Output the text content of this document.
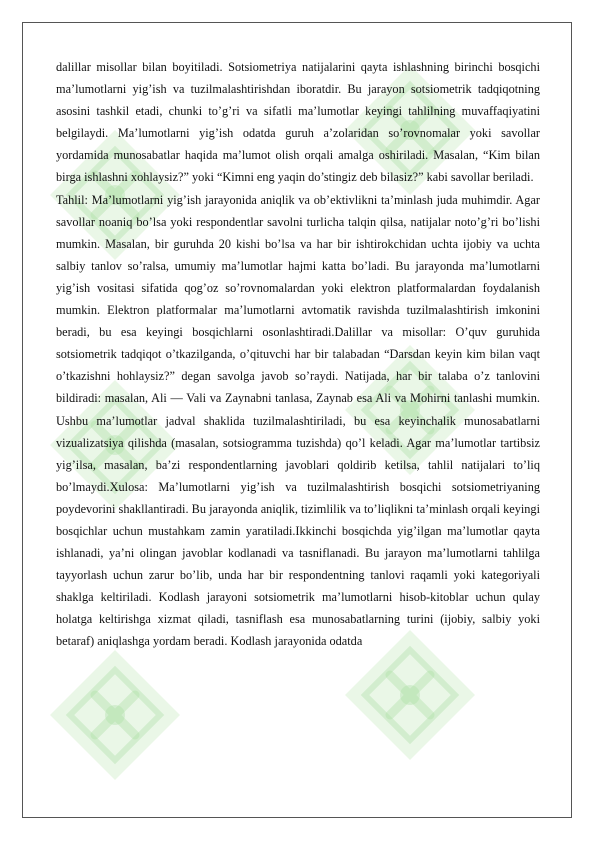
dalillar misollar bilan boyitiladi. Sotsiometriya natijalarini qayta ishlashning birinchi bosqichi ma’lumotlarni yig’ish va tuzilmalashtirishdan iboratdir. Bu jarayon sotsiometrik tadqiqotning asosini tashkil etadi, chunki to’g’ri va sifatli ma’lumotlar keyingi tahlilning muvaffaqiyatini belgilaydi. Ma’lumotlarni yig’ish odatda guruh a’zolaridan so’rovnomalar yoki savollar yordamida munosabatlar haqida ma’lumot olish orqali amalga oshiriladi. Masalan, “Kim bilan birga ishlashni xohlaysiz?” yoki “Kimni eng yaqin do’stingiz deb bilasiz?” kabi savollar beriladi.

Tahlil: Ma’lumotlarni yig’ish jarayonida aniqlik va ob’ektivlikni ta’minlash juda muhimdir. Agar savollar noaniq bo’lsa yoki respondentlar savolni turlicha talqin qilsa, natijalar noto’g’ri bo’lishi mumkin. Masalan, bir guruhda 20 kishi bo’lsa va har bir ishtirokchidan uchta ijobiy va uchta salbiy tanlov so’ralsa, umumiy ma’lumotlar hajmi katta bo’ladi. Bu jarayonda ma’lumotlarni yig’ish vositasi sifatida qog’oz so’rovnomalardan yoki elektron platformalardan foydalanish mumkin. Elektron platformalar ma’lumotlarni avtomatik ravishda tuzilmalashtirish imkonini beradi, bu esa keyingi bosqichlarni osonlashtiradi.Dalillar va misollar: O’quv guruhida sotsiometrik tadqiqot o’tkazilganda, o’qituvchi har bir talabadan “Darsdan keyin kim bilan vaqt o’tkazishni hohlaysiz?” degan savolga javob so’raydi. Natijada, har bir talaba o’z tanlovini bildiradi: masalan, Ali — Vali va Zaynabni tanlasa, Zaynab esa Ali va Mohirni tanlashi mumkin. Ushbu ma’lumotlar jadval shaklida tuzilmalashtiriladi, bu esa keyinchalik munosabatlarni vizualizatsiya qilishda (masalan, sotsiogramma tuzishda) qo’l keladi. Agar ma’lumotlar tartibsiz yig’ilsa, masalan, ba’zi respondentlarning javoblari qoldirib ketilsa, tahlil natijalari to’liq bo’lmaydi.Xulosa: Ma’lumotlarni yig’ish va tuzilmalashtirish bosqichi sotsiometriyaning poydevorini shakllantiradi. Bu jarayonda aniqlik, tizimlilik va to’liqlikni ta’minlash orqali keyingi bosqichlar uchun mustahkam zamin yaratiladi.Ikkinchi bosqichda yig’ilgan ma’lumotlar qayta ishlanadi, ya’ni olingan javoblar kodlanadi va tasniflanadi. Bu jarayon ma’lumotlarni tahlilga tayyorlash uchun zarur bo’lib, unda har bir respondentning tanlovi raqamli yoki kategoriyali shaklga keltiriladi. Kodlash jarayoni sotsiometrik ma’lumotlarni hisob-kitoblar uchun qulay holatga keltirishga xizmat qiladi, tasniflash esa munosabatlarning turini (ijobiy, salbiy yoki betaraf) aniqlashga yordam beradi. Kodlash jarayonida odatda
